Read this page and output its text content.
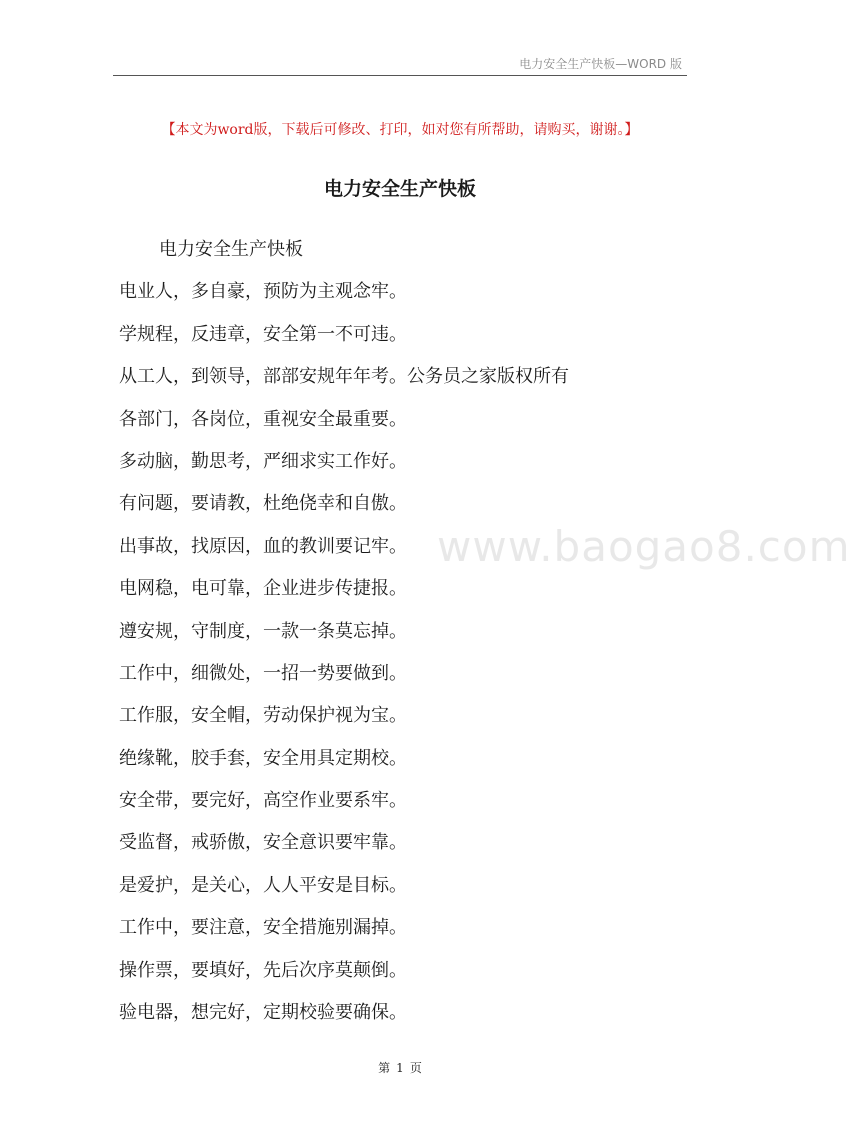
电力安全生产快板—WORD 版
【本文为word版，下载后可修改、打印，如对您有所帮助，请购买，谢谢。】
电力安全生产快板
电力安全生产快板
电业人，多自豪，预防为主观念牢。
学规程，反违章，安全第一不可违。
从工人，到领导，部部安规年年考。公务员之家版权所有
各部门，各岗位，重视安全最重要。
多动脑，勤思考，严细求实工作好。
有问题，要请教，杜绝侥幸和自傲。
出事故，找原因，血的教训要记牢。
电网稳，电可靠，企业进步传捷报。
遵安规，守制度，一款一条莫忘掉。
工作中，细微处，一招一势要做到。
工作服，安全帽，劳动保护视为宝。
绝缘靴，胶手套，安全用具定期校。
安全带，要完好，高空作业要系牢。
受监督，戒骄傲，安全意识要牢靠。
是爱护，是关心，人人平安是目标。
工作中，要注意，安全措施别漏掉。
操作票，要填好，先后次序莫颠倒。
验电器，想完好，定期校验要确保。
www.baogao8.com
第 1 页
